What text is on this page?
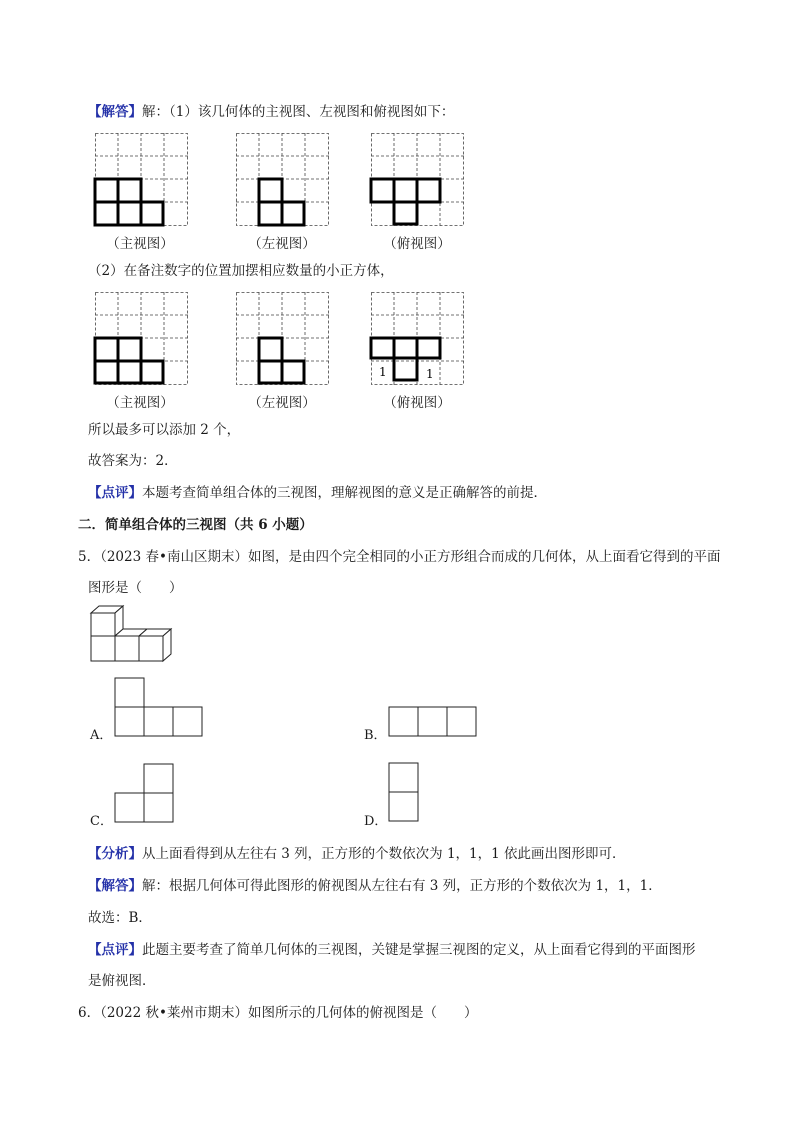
【解答】解：（1）该几何体的主视图、左视图和俯视图如下：
（主视图）	（左视图）	（俯视图）
（2）在备注数字的位置加摆相应数量的小正方体，
（主视图）	（左视图）
1	1
（俯视图）
所以最多可以添加 2 个，
故答案为：2．
【点评】本题考查简单组合体的三视图，理解视图的意义是正确解答的前提．
二．简单组合体的三视图（共 6 小题）
5．（2023 春•南山区期末）如图，是由四个完全相同的小正方形组合而成的几何体，从上面看它得到的平面
图形是（　　）
A．	B．
C．	D．
【分析】从上面看得到从左往右 3 列，正方形的个数依次为 1，1，1 依此画出图形即可．
【解答】解：根据几何体可得此图形的俯视图从左往右有 3 列，正方形的个数依次为 1，1，1．
故选：B．
【点评】此题主要考查了简单几何体的三视图，关键是掌握三视图的定义，从上面看它得到的平面图形
是俯视图．
6．（2022 秋•莱州市期末）如图所示的几何体的俯视图是（　　）
